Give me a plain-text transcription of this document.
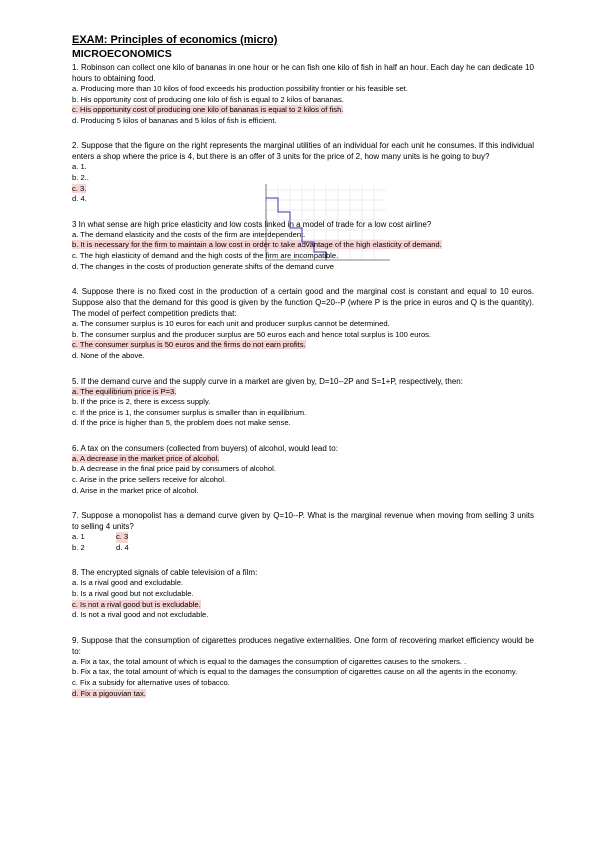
EXAM: Principles of economics (micro)

MICROECONOMICS

1. Robinson can collect one kilo of bananas in one hour or he can fish one kilo of fish in half an hour. Each day he can dedicate 10 hours to obtaining food.

a. Producing more than 10 kilos of food exceeds his production possibility frontier or his feasible set.

b. His opportunity cost of producing one kilo of fish is equal to 2 kilos of bananas.

c. His opportunity cost of producing one kilo of bananas is equal to 2 kilos of fish.

d. Producing 5 kilos of bananas and 5 kilos of fish is efficient.

2. Suppose that the figure on the right represents the marginal utilities of an individual for each unit he consumes. If this individual enters a shop where the price is 4, but there is an offer of 3 units for the price of 2, how many units is he going to buy?

a. 1.

b. 2..

c. 3.

d. 4.

3 In what sense are high price elasticity and low costs linked in a model of trade for a low cost airline?

a. The demand elasticity and the costs of the firm are interdependent.

b. It is necessary for the firm to maintain a low cost in order to take advantage of the high elasticity of demand.

c. The high elasticity of demand and the high costs of the firm are incompatible.

d. The changes in the costs of production generate shifts of the demand curve

4. Suppose there is no fixed cost in the production of a certain good and the marginal cost is constant and equal to 10 euros. Suppose also that the demand for this good is given by the function Q=20--P (where P is the price in euros and Q is the quantity). The model of perfect competition predicts that:

a. The consumer surplus is 10 euros for each unit and producer surplus cannot be determined.

b. The consumer surplus and the producer surplus are 50 euros each and hence total surplus is 100 euros.

c. The consumer surplus is 50 euros and the firms do not earn profits.

d. None of the above.

5. If the demand curve and the supply curve in a market are given by, D=10--2P and S=1+P, respectively, then:

a. The equilibrium price is P=3.

b. If the price is 2, there is excess supply.

c. If the price is 1, the consumer surplus is smaller than in equilibrium.

d. If the price is higher than 5, the problem does not make sense.

6. A tax on the consumers (collected from buyers) of alcohol, would lead to:

a. A decrease in the market price of alcohol.

b. A decrease in the final price paid by consumers of alcohol.

c. Arise in the price sellers receive for alcohol.

d. Arise in the market price of alcohol.

7. Suppose a monopolist has a demand curve given by Q=10--P. What is the marginal revenue when moving from selling 3 units to selling 4 units?

a. 1	c. 3
b. 2	d. 4

8. The encrypted signals of cable television of a film:

a. Is a rival good and excludable.

b. Is a rival good but not excludable.

c. Is not a rival good but is excludable.

d. Is not a rival good and not excludable.

9. Suppose that the consumption of cigarettes produces negative externalities. One form of recovering market efficiency would be to:

a. Fix a tax, the total amount of which is equal to the damages the consumption of cigarettes causes to the smokers. .

b. Fix a tax, the total amount of which is equal to the damages the consumption of cigarettes cause on all the agents in the economy.

c. Fix a subsidy for alternative uses of tobacco.

d. Fix a pigouvian tax.
